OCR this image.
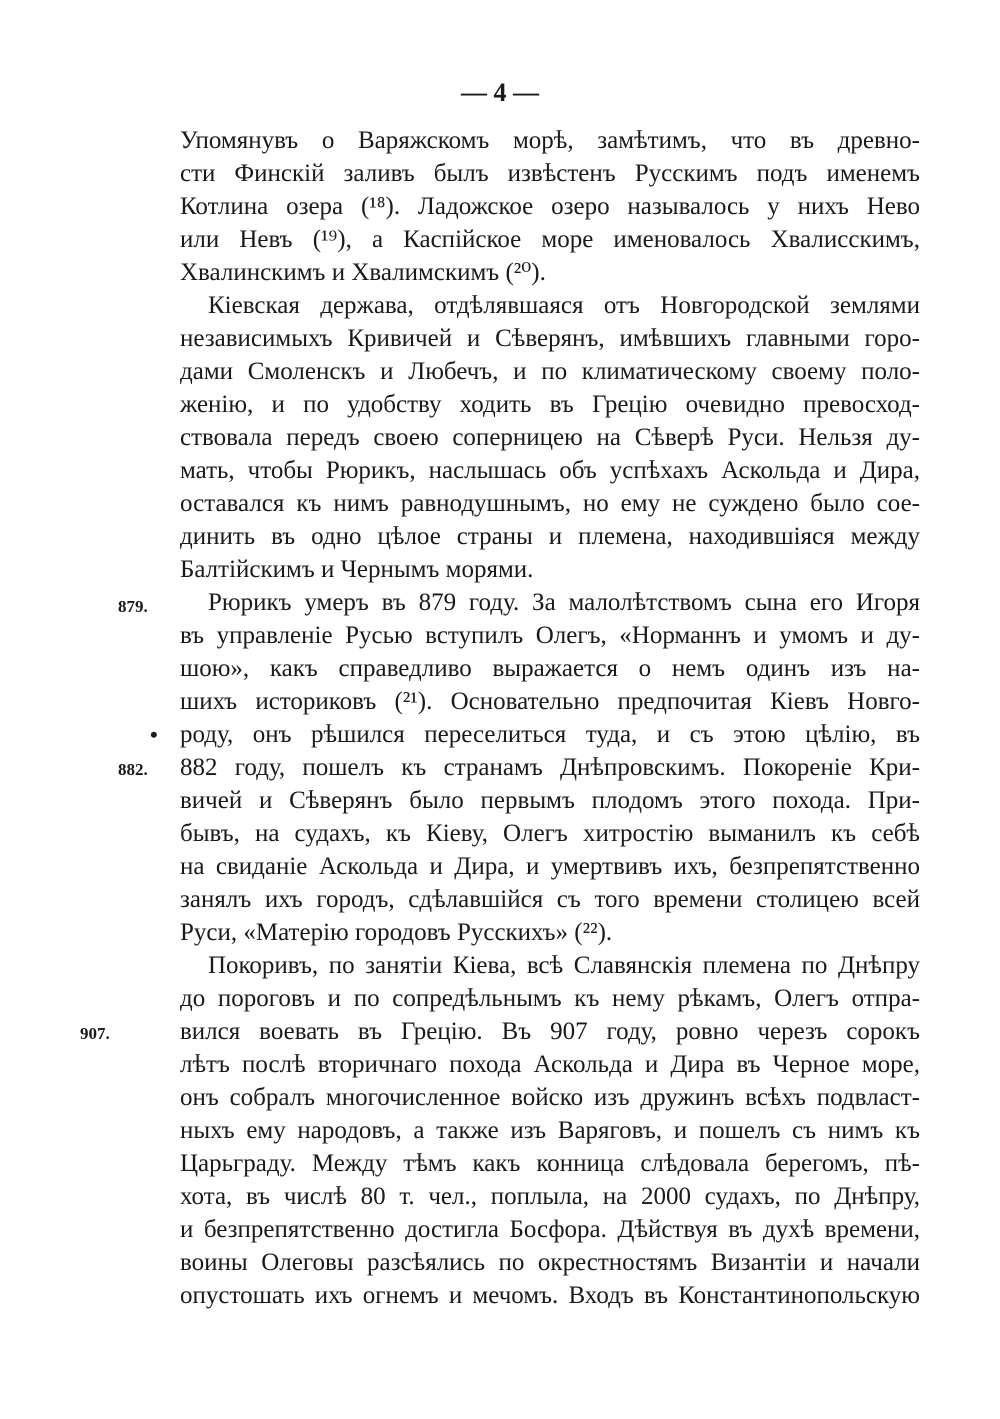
— 4 —
879.
•
882.
907.
Упомянувъ о Варяжскомъ морѣ, замѣтимъ, что въ древно-
сти Финскій заливъ былъ извѣстенъ Русскимъ подъ именемъ
Котлина озера (¹⁸). Ладожское озеро называлось у нихъ Нево
или Невъ (¹⁹), а Каспійское море именовалось Хвалисскимъ,
Хвалинскимъ и Хвалимскимъ (²⁰).
Кіевская держава, отдѣлявшаяся отъ Новгородской землями
независимыхъ Кривичей и Сѣверянъ, имѣвшихъ главными горо-
дами Смоленскъ и Любечъ, и по климатическому своему поло-
женію, и по удобству ходить въ Грецію очевидно превосход-
ствовала передъ своею соперницею на Сѣверѣ Руси. Нельзя ду-
мать, чтобы Рюрикъ, наслышась объ успѣхахъ Аскольда и Дира,
оставался къ нимъ равнодушнымъ, но ему не суждено было сое-
динить въ одно цѣлое страны и племена, находившіяся между
Балтійскимъ и Чернымъ морями.
Рюрикъ умеръ въ 879 году. За малолѣтствомъ сына его Игоря
въ управленіе Русью вступилъ Олегъ, «Норманнъ и умомъ и ду-
шою», какъ справедливо выражается о немъ одинъ изъ на-
шихъ историковъ (²¹). Основательно предпочитая Кіевъ Новго-
роду, онъ рѣшился переселиться туда, и съ этою цѣлію, въ
882 году, пошелъ къ странамъ Днѣпровскимъ. Покореніе Кри-
вичей и Сѣверянъ было первымъ плодомъ этого похода. При-
бывъ, на судахъ, къ Кіеву, Олегъ хитростію выманилъ къ себѣ
на свиданіе Аскольда и Дира, и умертвивъ ихъ, безпрепятственно
занялъ ихъ городъ, сдѣлавшійся съ того времени столицею всей
Руси, «Матерію городовъ Русскихъ» (²²).
Покоривъ, по занятіи Кіева, всѣ Славянскія племена по Днѣпру
до пороговъ и по сопредѣльнымъ къ нему рѣкамъ, Олегъ отпра-
вился воевать въ Грецію. Въ 907 году, ровно черезъ сорокъ
лѣтъ послѣ вторичнаго похода Аскольда и Дира въ Черное море,
онъ собралъ многочисленное войско изъ дружинъ всѣхъ подвласт-
ныхъ ему народовъ, а также изъ Варяговъ, и пошелъ съ нимъ къ
Царьграду. Между тѣмъ какъ конница слѣдовала берегомъ, пѣ-
хота, въ числѣ 80 т. чел., поплыла, на 2000 судахъ, по Днѣпру,
и безпрепятственно достигла Босфора. Дѣйствуя въ духѣ времени,
воины Олеговы разсѣялись по окрестностямъ Византіи и начали
опустошать ихъ огнемъ и мечомъ. Входъ въ Константинопольскую
